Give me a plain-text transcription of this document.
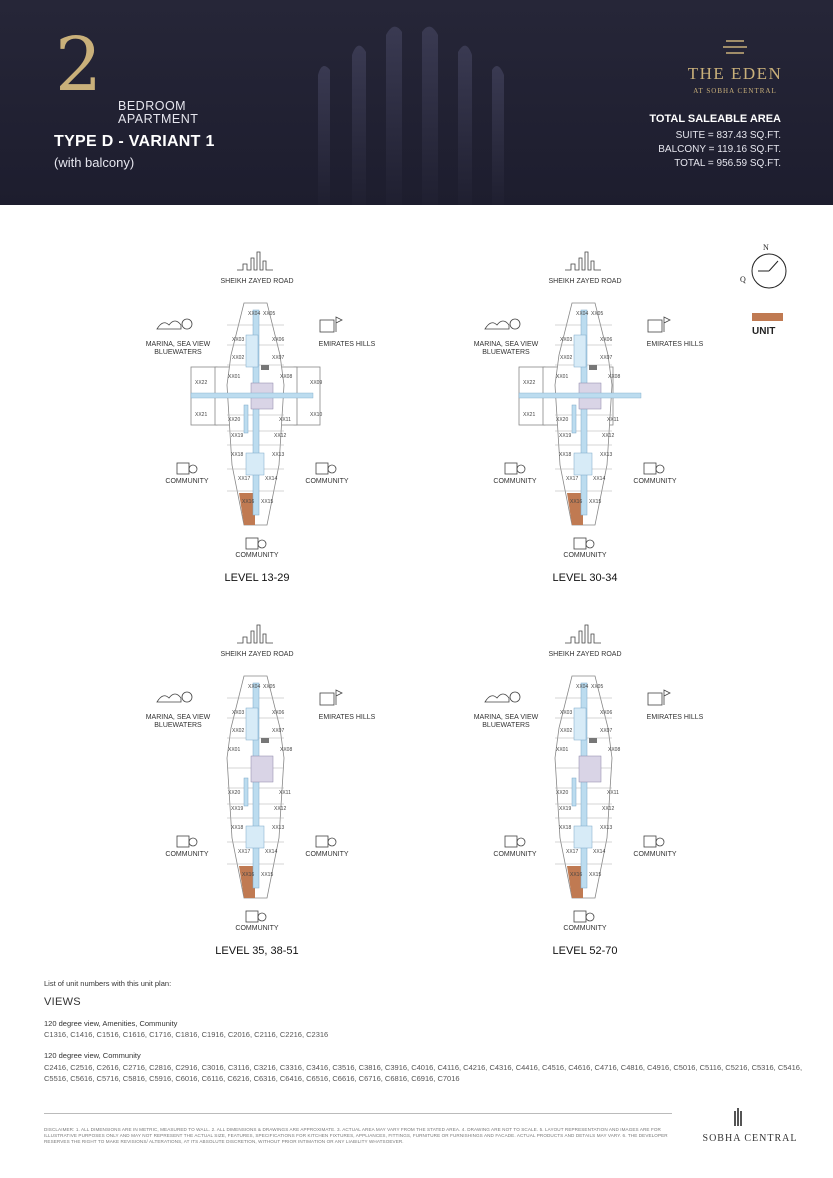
2 BEDROOM
APARTMENT
TYPE D - VARIANT 1
(with balcony)
THE EDEN
AT SOBHA CENTRAL
TOTAL SALEABLE AREA
SUITE = 837.43 SQ.FT.
BALCONY = 119.16 SQ.FT.
TOTAL = 956.59 SQ.FT.
XX04 XX05
XX03	XX06
XX02	XX07
XX01	XX08
XX22	XX09
XX21	XX10
XX20	XX11
XX19	XX12
XX18	XX13
XX17	XX14
XX16 XX15
SHEIKH ZAYED ROAD
MARINA, SEA VIEW BLUEWATERS
EMIRATES HILLS
COMMUNITY	COMMUNITY
COMMUNITY
LEVEL 13-29
XX04 XX05
XX03	XX06
XX02	XX07
XX01	XX08
XX22
XX21
XX20	XX11
XX19	XX12
XX18	XX13
XX17	XX14
XX16 XX15
SHEIKH ZAYED ROAD
MARINA, SEA VIEW BLUEWATERS
EMIRATES HILLS
COMMUNITY	COMMUNITY
COMMUNITY
LEVEL 30-34
XX04 XX05
XX03	XX06
XX02	XX07
XX01	XX08
XX20	XX11
XX19	XX12
XX18	XX13
XX17	XX14
XX16 XX15
SHEIKH ZAYED ROAD
MARINA, SEA VIEW BLUEWATERS
EMIRATES HILLS
COMMUNITY	COMMUNITY
COMMUNITY
LEVEL 35, 38-51
XX04 XX05
XX03	XX06
XX02	XX07
XX01	XX08
XX20	XX11
XX19	XX12
XX18	XX13
XX17	XX14
XX16 XX15
SHEIKH ZAYED ROAD
MARINA, SEA VIEW BLUEWATERS
EMIRATES HILLS
COMMUNITY	COMMUNITY
COMMUNITY
LEVEL 52-70
N
Q
UNIT
List of unit numbers with this unit plan:
VIEWS
120 degree view, Amenities, Community
C1316, C1416, C1516, C1616, C1716, C1816, C1916, C2016, C2116, C2216, C2316
120 degree view, Community
C2416, C2516, C2616, C2716, C2816, C2916, C3016, C3116, C3216, C3316, C3416, C3516, C3816, C3916, C4016, C4116, C4216, C4316, C4416, C4516, C4616, C4716, C4816, C4916, C5016, C5116, C5216, C5316, C5416, C5516, C5616, C5716, C5816, C5916, C6016, C6116, C6216, C6316, C6416, C6516, C6616, C6716, C6816, C6916, C7016
DISCLAIMER: 1. ALL DIMENSIONS ARE IN METRIC, MEASURED TO WALL. 2. ALL DIMENSIONS & DRAWINGS ARE APPROXIMATE. 3. ACTUAL AREA MAY VARY FROM THE STATED AREA. 4. DRAWING ARE NOT TO SCALE. 5. LAYOUT REPRESENTATION AND IMAGES ARE FOR ILLUSTRATIVE PURPOSES ONLY AND MAY NOT REPRESENT THE ACTUAL SIZE, FEATURES, SPECIFICATIONS FOR KITCHEN FIXTURES, APPLIANCES, FITTINGS, FURNITURE OR FURNISHINGS AND FACADE. ACTUAL PRODUCTS AND DETAILS MAY VARY. 6. THE DEVELOPER RESERVES THE RIGHT TO MAKE REVISIONS/ ALTERATIONS, AT ITS ABSOLUTE DISCRETION, WITHOUT PRIOR INTIMATION OR ANY LIABILITY WHATSOEVER.	SOBHA CENTRAL
